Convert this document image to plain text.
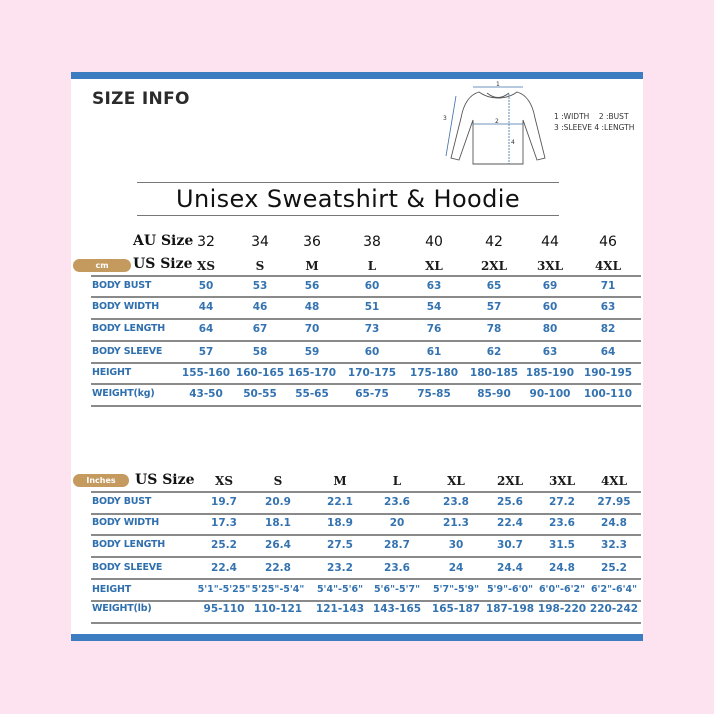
SIZE INFO
1
2
3
4
1 :WIDTH 2 :BUST
3 :SLEEVE 4 :LENGTH
Unisex Sweatshirt & Hoodie
AU Size 32	34 36	38	40	42	44	46
cm	US Size XS	S	M	L	XL	2XL 3XL	4XL
BODY BUST	50	53	56	60	63	65	69	71
BODY WIDTH	44	46	48	51	54	57	60	63
BODY LENGTH	64	67	70	73	76	78	80	82
BODY SLEEVE	57	58	59	60	61	62	63	64
HEIGHT	155-160 160-165 165-170 170-175 175-180 180-185 185-190 190-195
WEIGHT(kg)	43-50 50-55 55-65	65-75	75-85	85-90 90-100 100-110
Inches	US Size XS	S	M	L	XL	2XL 3XL 4XL
BODY BUST	19.7	20.9	22.1	23.6	23.8	25.6 27.2 27.95
BODY WIDTH	17.3	18.1	18.9	20	21.3	22.4 23.6 24.8
BODY LENGTH	25.2	26.4	27.5	28.7	30	30.7 31.5 32.3
BODY SLEEVE	22.4	22.8	23.2	23.6	24	24.4 24.8 25.2
HEIGHT	5'1"-5'25" 5'25"-5'4" 5'4"-5'6" 5'6"-5'7" 5'7"-5'9" 5'9"-6'0" 6'0"-6'2" 6'2"-6'4"
WEIGHT(lb)	95-110 110-121 121-143 143-165 165-187 187-198 198-220 220-242
